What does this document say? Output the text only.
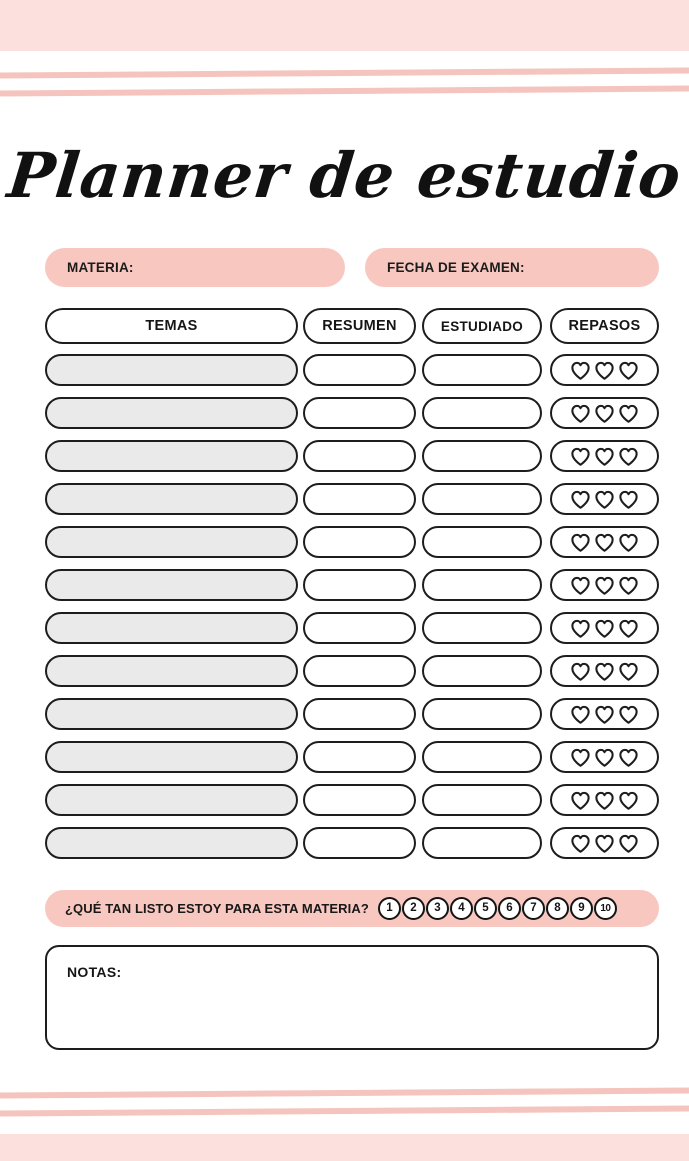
Planner de estudio
MATERIA:	FECHA DE EXAMEN:
TEMAS	RESUMEN	ESTUDIADO	REPASOS
¿QUÉ TAN LISTO ESTOY PARA ESTA MATERIA?	1	2	3	4	5	6	7	8	9	10
NOTAS:
